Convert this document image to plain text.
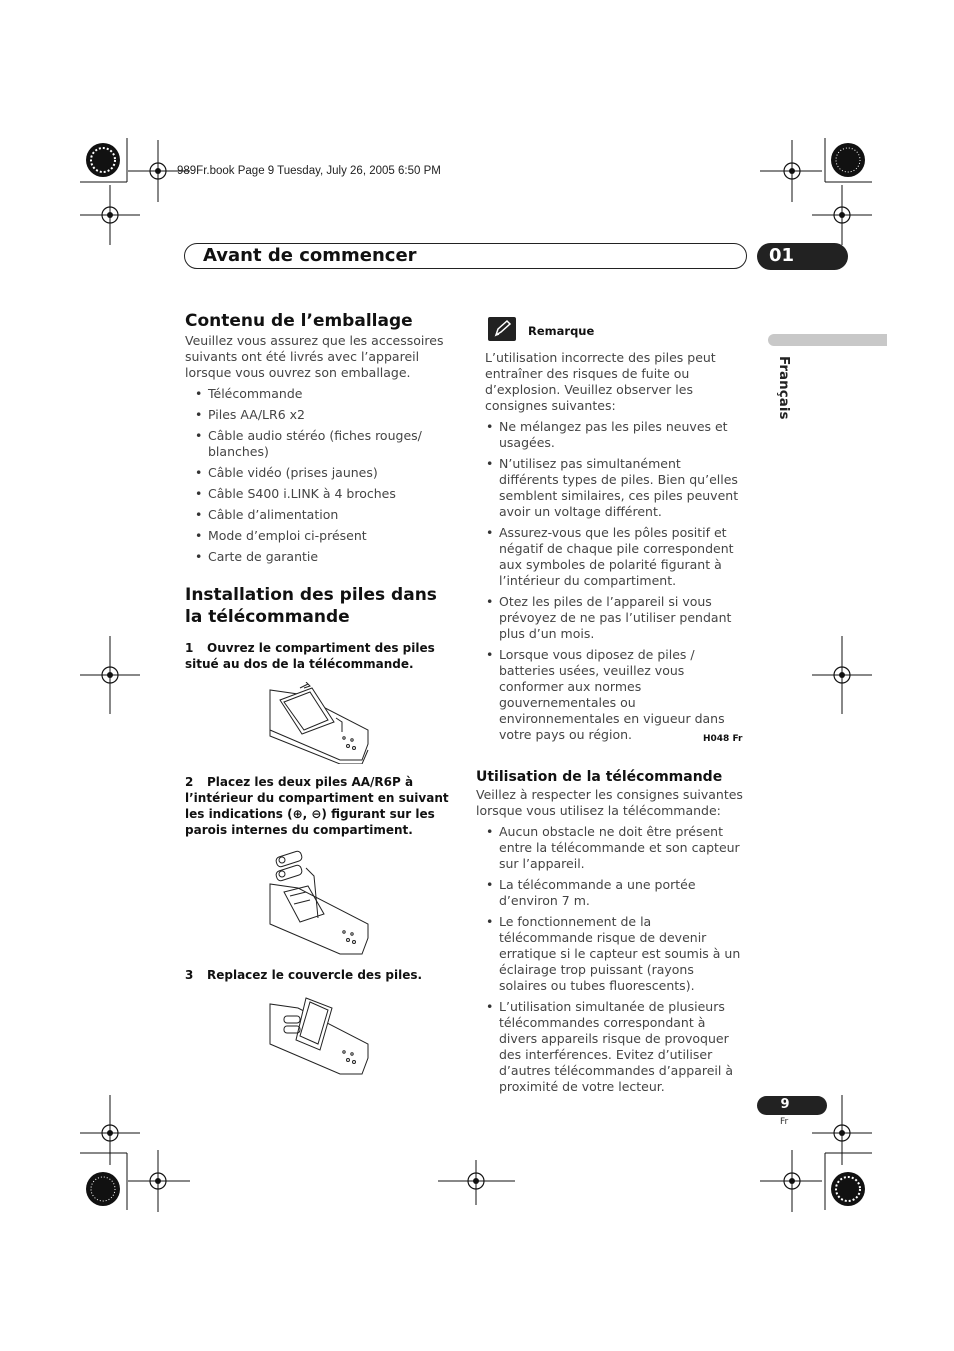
989Fr.book Page 9 Tuesday, July 26, 2005 6:50 PM
Avant de commencer	01
Français
Contenu de l’emballage

Veuillez vous assurez que les accessoires suivants ont été livrés avec l’appareil lorsque vous ouvrez son emballage.

• Télécommande
• Piles AA/LR6 x2
• Câble audio stéréo (fiches rouges/ blanches)
• Câble vidéo (prises jaunes)
• Câble S400 i.LINK à 4 broches
• Câble d’alimentation
• Mode d’emploi ci-présent
• Carte de garantie
Installation des piles dans la télécommande
1 Ouvrez le compartiment des piles situé au dos de la télécommande.
2 Placez les deux piles AA/R6P à l’intérieur du compartiment en suivant les indications (⊕, ⊖) figurant sur les parois internes du compartiment.
3 Replacez le couvercle des piles.
Remarque

L’utilisation incorrecte des piles peut entraîner des risques de fuite ou d’explosion. Veuillez observer les consignes suivantes:

• Ne mélangez pas les piles neuves et usagées.
• N’utilisez pas simultanément différents types de piles. Bien qu’elles semblent similaires, ces piles peuvent avoir un voltage différent.
• Assurez-vous que les pôles positif et négatif de chaque pile correspondent aux symboles de polarité figurant à l’intérieur du compartiment.
• Otez les piles de l’appareil si vous prévoyez de ne pas l’utiliser pendant plus d’un mois.
• Lorsque vous diposez de piles / batteries usées, veuillez vous conformer aux normes gouvernementales ou environnementales en vigueur dans votre pays ou région.	H048 Fr
Utilisation de la télécommande

Veillez à respecter les consignes suivantes lorsque vous utilisez la télécommande:

• Aucun obstacle ne doit être présent entre la télécommande et son capteur sur l’appareil.
• La télécommande a une portée d’environ 7 m.
• Le fonctionnement de la télécommande risque de devenir erratique si le capteur est soumis à un éclairage trop puissant (rayons solaires ou tubes fluorescents).
• L’utilisation simultanée de plusieurs télécommandes correspondant à divers appareils risque de provoquer des interférences. Evitez d’utiliser d’autres télécommandes d’appareil à proximité de votre lecteur.
9
Fr
